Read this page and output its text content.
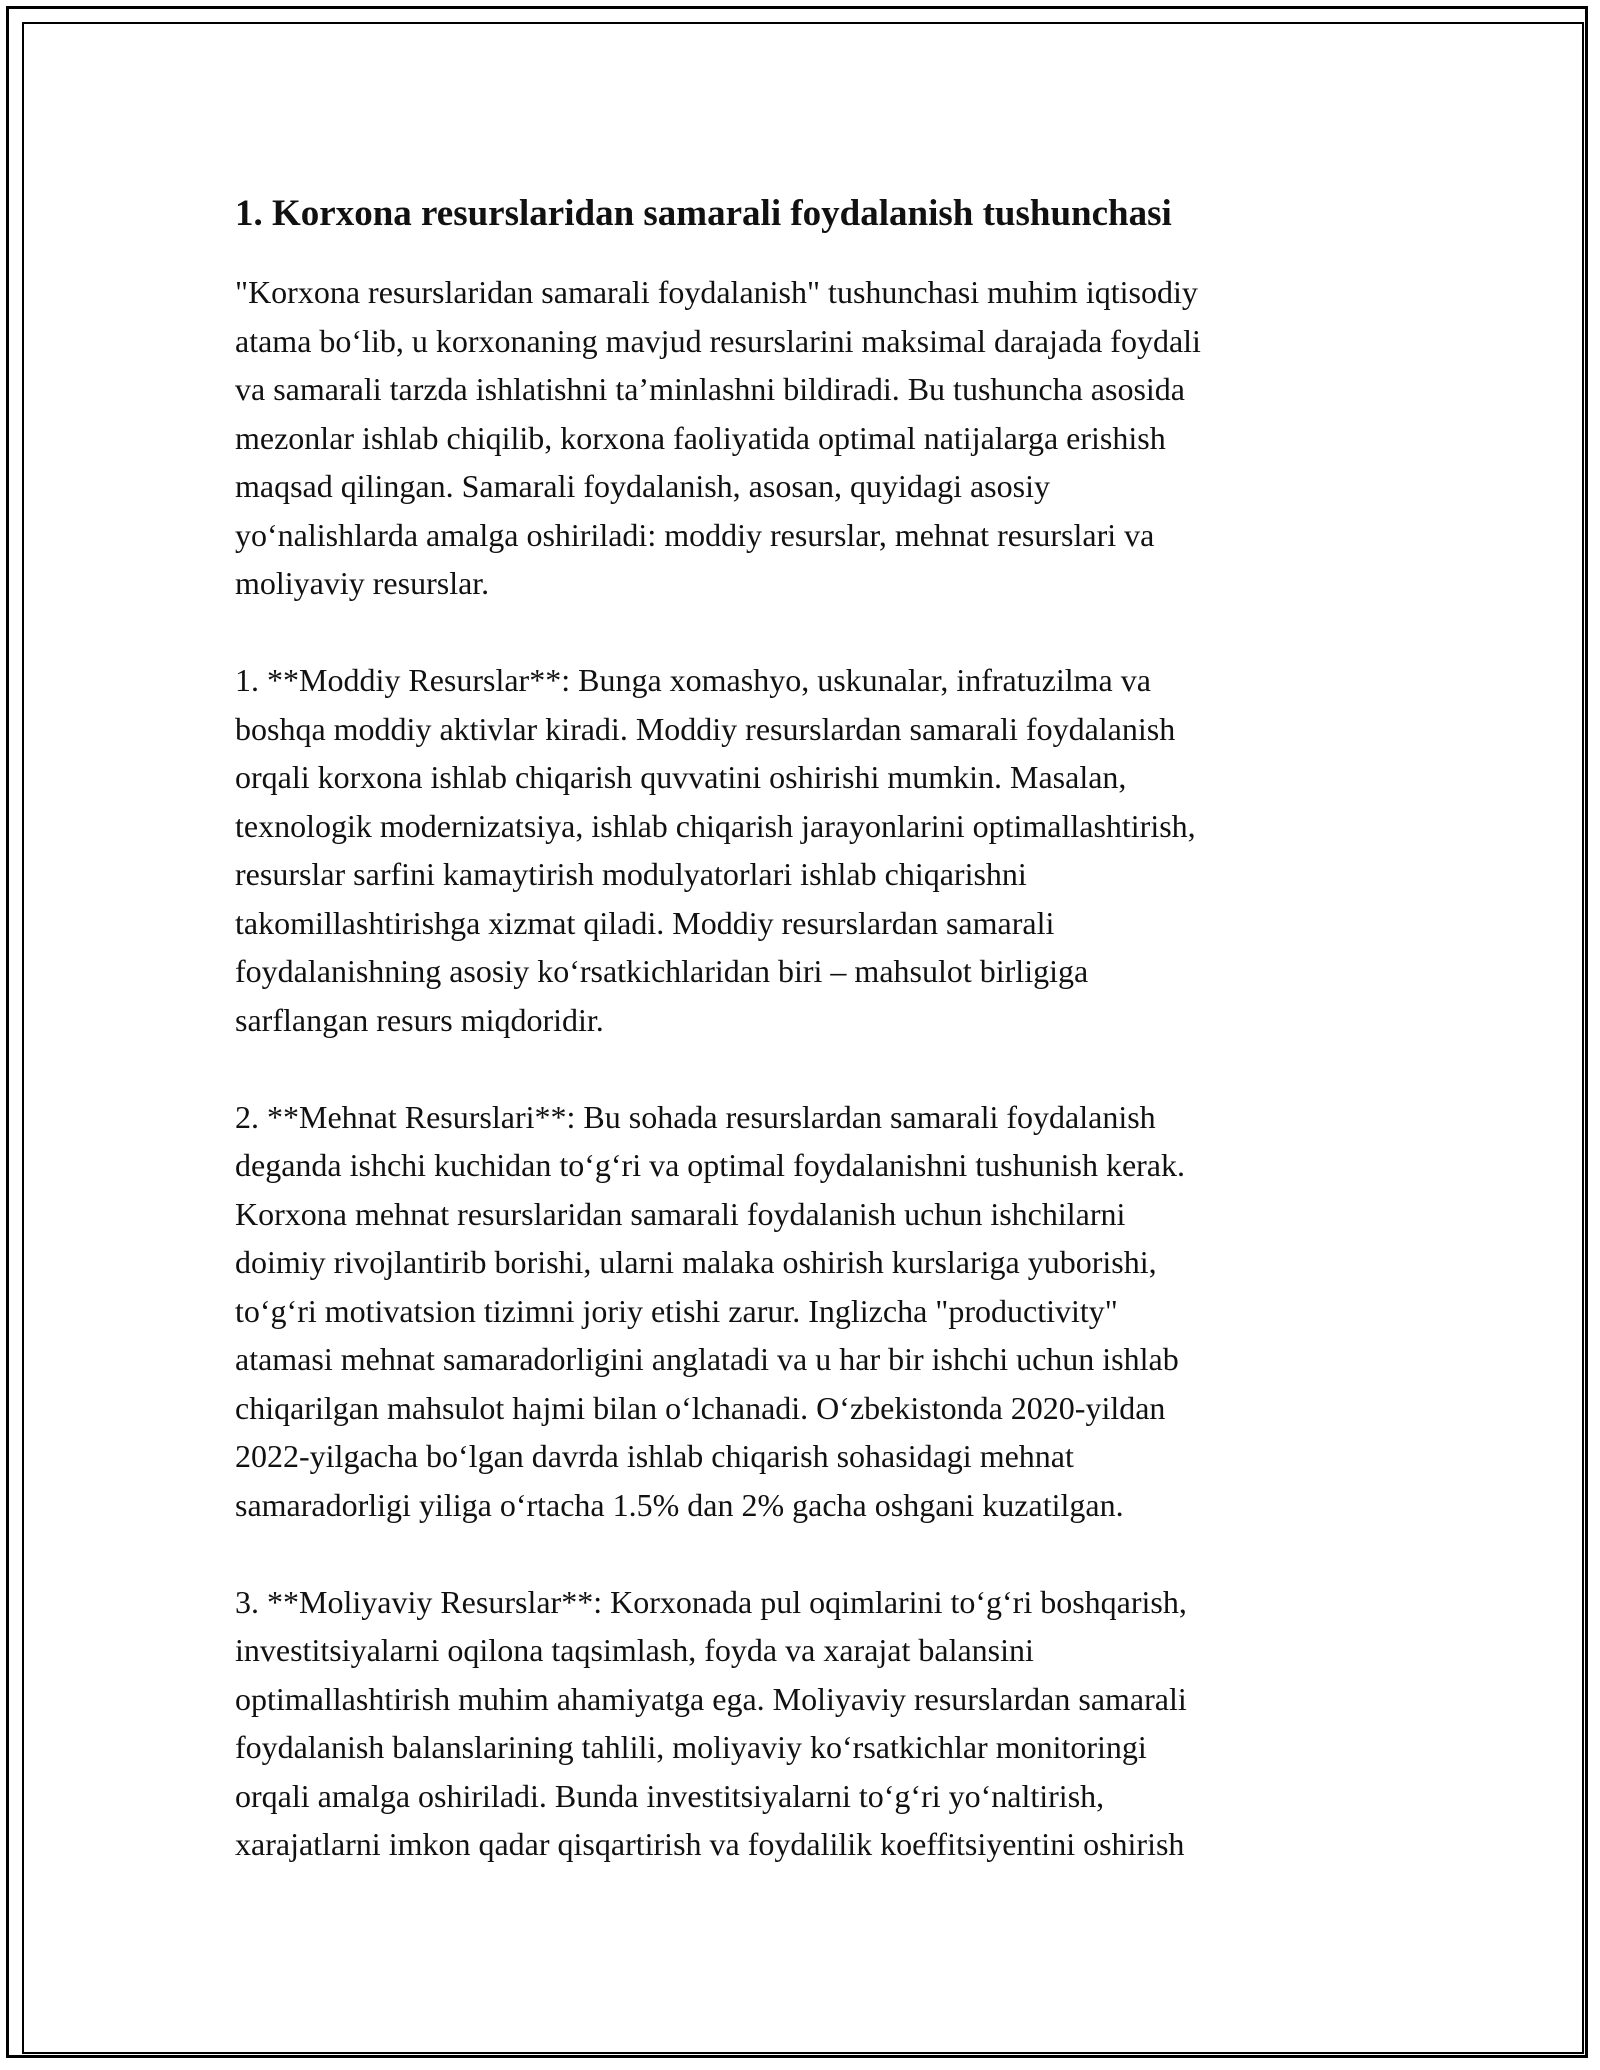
1. Korxona resurslaridan samarali foydalanish tushunchasi

"Korxona resurslaridan samarali foydalanish" tushunchasi muhim iqtisodiy
atama bo‘lib, u korxonaning mavjud resurslarini maksimal darajada foydali
va samarali tarzda ishlatishni ta’minlashni bildiradi. Bu tushuncha asosida
mezonlar ishlab chiqilib, korxona faoliyatida optimal natijalarga erishish
maqsad qilingan. Samarali foydalanish, asosan, quyidagi asosiy
yo‘nalishlarda amalga oshiriladi: moddiy resurslar, mehnat resurslari va
moliyaviy resurslar.

1. **Moddiy Resurslar**: Bunga xomashyo, uskunalar, infratuzilma va
boshqa moddiy aktivlar kiradi. Moddiy resurslardan samarali foydalanish
orqali korxona ishlab chiqarish quvvatini oshirishi mumkin. Masalan,
texnologik modernizatsiya, ishlab chiqarish jarayonlarini optimallashtirish,
resurslar sarfini kamaytirish modulyatorlari ishlab chiqarishni
takomillashtirishga xizmat qiladi. Moddiy resurslardan samarali
foydalanishning asosiy ko‘rsatkichlaridan biri – mahsulot birligiga
sarflangan resurs miqdoridir.

2. **Mehnat Resurslari**: Bu sohada resurslardan samarali foydalanish
deganda ishchi kuchidan to‘g‘ri va optimal foydalanishni tushunish kerak.
Korxona mehnat resurslaridan samarali foydalanish uchun ishchilarni
doimiy rivojlantirib borishi, ularni malaka oshirish kurslariga yuborishi,
to‘g‘ri motivatsion tizimni joriy etishi zarur. Inglizcha "productivity"
atamasi mehnat samaradorligini anglatadi va u har bir ishchi uchun ishlab
chiqarilgan mahsulot hajmi bilan o‘lchanadi. O‘zbekistonda 2020-yildan
2022-yilgacha bo‘lgan davrda ishlab chiqarish sohasidagi mehnat
samaradorligi yiliga o‘rtacha 1.5% dan 2% gacha oshgani kuzatilgan.

3. **Moliyaviy Resurslar**: Korxonada pul oqimlarini to‘g‘ri boshqarish,
investitsiyalarni oqilona taqsimlash, foyda va xarajat balansini
optimallashtirish muhim ahamiyatga ega. Moliyaviy resurslardan samarali
foydalanish balanslarining tahlili, moliyaviy ko‘rsatkichlar monitoringi
orqali amalga oshiriladi. Bunda investitsiyalarni to‘g‘ri yo‘naltirish,
xarajatlarni imkon qadar qisqartirish va foydalilik koeffitsiyentini oshirish
